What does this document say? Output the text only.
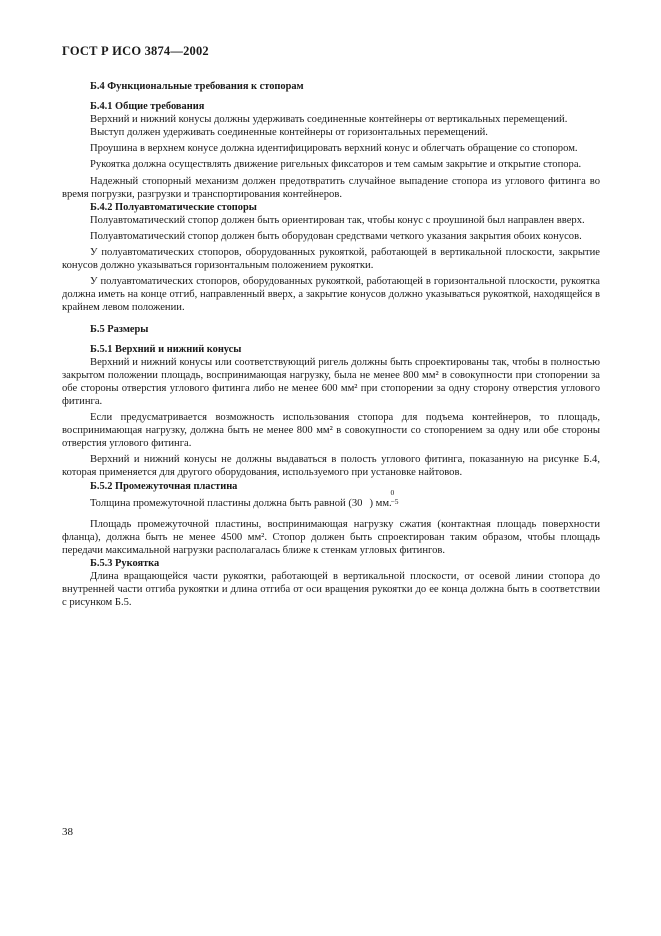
ГОСТ Р ИСО 3874—2002
Б.4 Функциональные требования к стопорам
Б.4.1 Общие требования

Верхний и нижний конусы должны удерживать соединенные контейнеры от вертикальных перемещений.

Выступ должен удерживать соединенные контейнеры от горизонтальных перемещений.

Проушина в верхнем конусе должна идентифицировать верхний конус и облегчать обращение со стопором.

Рукоятка должна осуществлять движение ригельных фиксаторов и тем самым закрытие и открытие стопора.

Надежный стопорный механизм должен предотвратить случайное выпадение стопора из углового фитинга во время погрузки, разгрузки и транспортирования контейнеров.

Б.4.2 Полуавтоматические стопоры

Полуавтоматический стопор должен быть ориентирован так, чтобы конус с проушиной был направлен вверх.

Полуавтоматический стопор должен быть оборудован средствами четкого указания закрытия обоих конусов.

У полуавтоматических стопоров, оборудованных рукояткой, работающей в вертикальной плоскости, закрытие конусов должно указываться горизонтальным положением рукоятки.

У полуавтоматических стопоров, оборудованных рукояткой, работающей в горизонтальной плоскости, рукоятка должна иметь на конце отгиб, направленный вверх, а закрытие конусов должно указываться рукояткой, находящейся в крайнем левом положении.

Б.5 Размеры
Б.5.1 Верхний и нижний конусы

Верхний и нижний конусы или соответствующий ригель должны быть спроектированы так, чтобы в полностью закрытом положении площадь, воспринимающая нагрузку, была не менее 800 мм² в совокупности при стопорении за обе стороны отверстия углового фитинга либо не менее 600 мм² при стопорении за одну сторону отверстия углового фитинга.

Если предусматривается возможность использования стопора для подъема контейнеров, то площадь, воспринимающая нагрузку, должна быть не менее 800 мм² в совокупности со стопорением за одну или обе стороны отверстия углового фитинга.

Верхний и нижний конусы не должны выдаваться в полость углового фитинга, показанную на рисунке Б.4, которая применяется для другого оборудования, используемого при установке найтовов.

Б.5.2 Промежуточная пластина

Толщина промежуточной пластины должна быть равной (30
0
−5
) мм.

Площадь промежуточной пластины, воспринимающая нагрузку сжатия (контактная площадь поверхности фланца), должна быть не менее 4500 мм². Стопор должен быть спроектирован таким образом, чтобы площадь передачи максимальной нагрузки располагалась ближе к стенкам угловых фитингов.

Б.5.3 Рукоятка

Длина вращающейся части рукоятки, работающей в вертикальной плоскости, от осевой линии стопора до внутренней части отгиба рукоятки и длина отгиба от оси вращения рукоятки до ее конца должна быть в соответствии с рисунком Б.5.

38
